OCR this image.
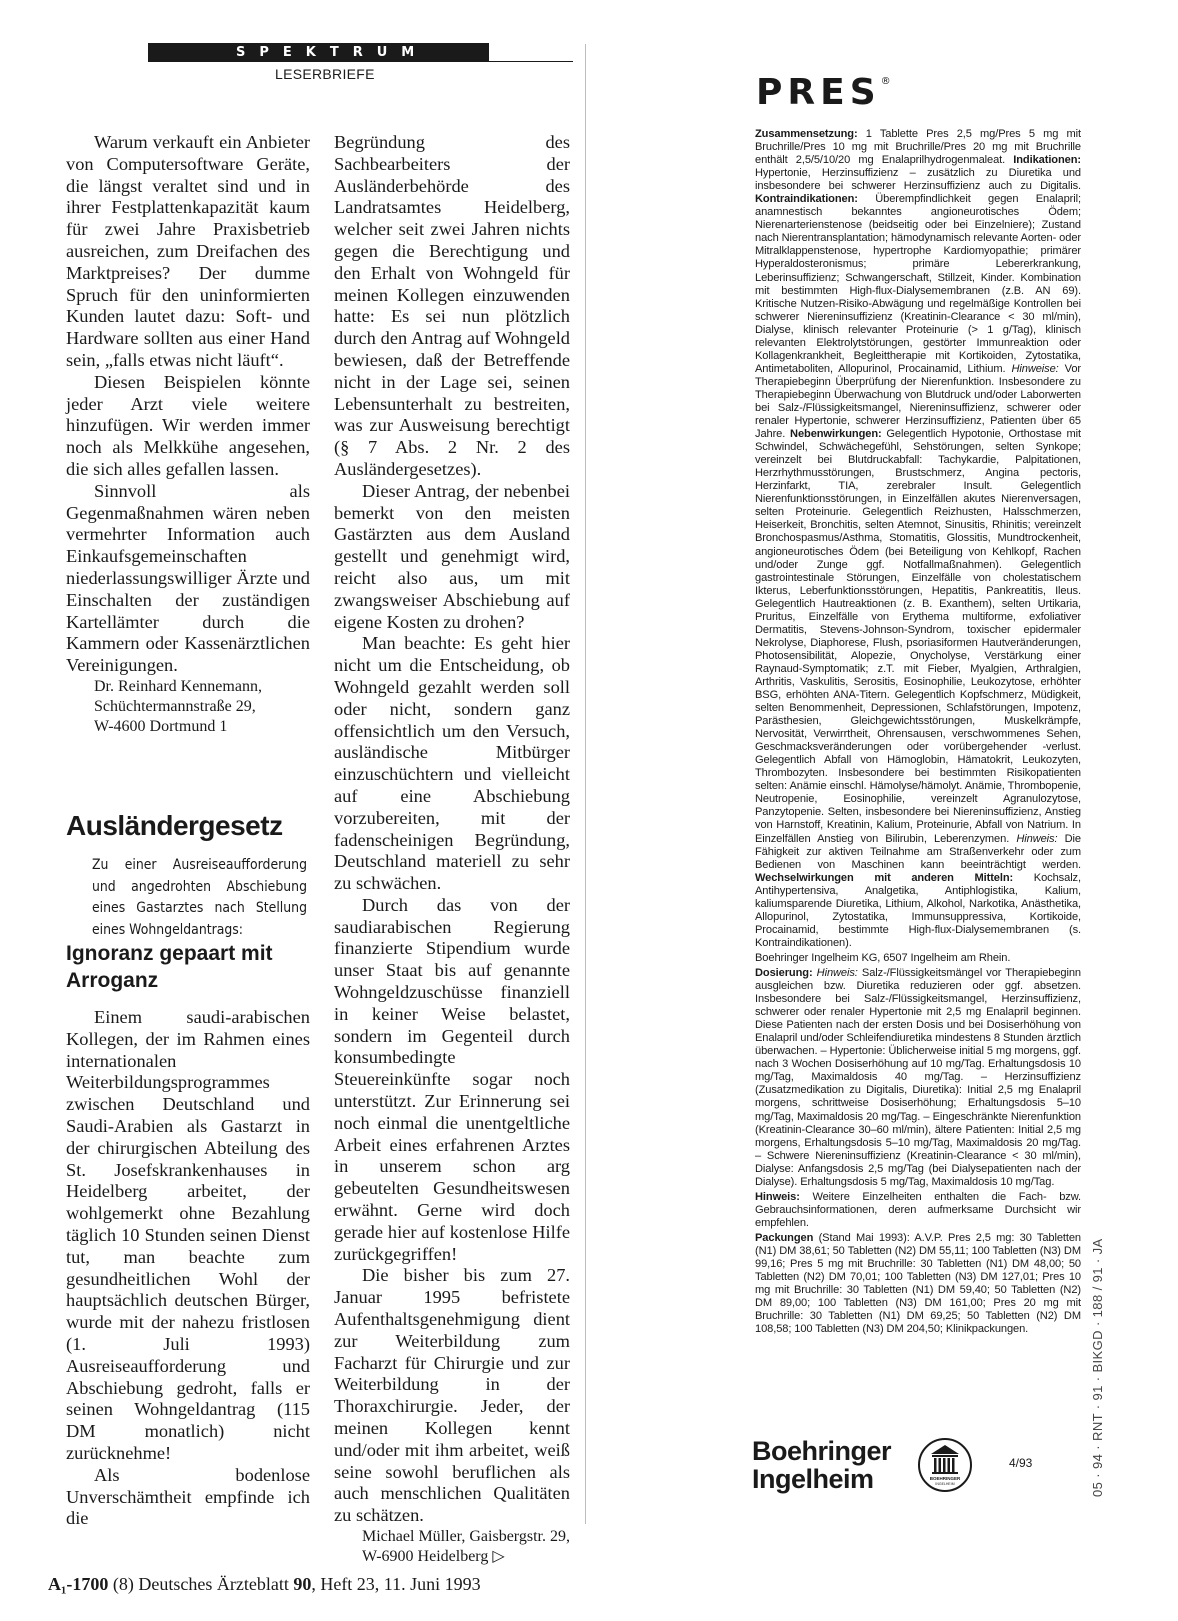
SPEKTRUM
LESERBRIEFE

Warum verkauft ein Anbieter von Computersoftware Geräte, die längst veraltet sind und in ihrer Festplattenkapazität kaum für zwei Jahre Praxisbetrieb ausreichen, zum Dreifachen des Marktpreises? Der dumme Spruch für den uninformierten Kunden lautet dazu: Soft- und Hardware sollten aus einer Hand sein, „falls etwas nicht läuft“.

Diesen Beispielen könnte jeder Arzt viele weitere hinzufügen. Wir werden immer noch als Melkkühe angesehen, die sich alles gefallen lassen.

Sinnvoll als Gegenmaßnahmen wären neben vermehrter Information auch Einkaufsgemeinschaften niederlassungswilliger Ärzte und Einschalten der zuständigen Kartellämter durch die Kammern oder Kassenärztlichen Vereinigungen.

Dr. Reinhard Kennemann,

Schüchtermannstraße 29,

W-4600 Dortmund 1

Ausländergesetz
Zu einer Ausreiseaufforderung und angedrohten Abschiebung eines Gastarztes nach Stellung eines Wohngeldantrags:
Ignoranz gepaart mit Arroganz

Einem saudi-arabischen Kollegen, der im Rahmen eines internationalen Weiterbildungsprogrammes zwischen Deutschland und Saudi-Arabien als Gastarzt in der chirurgischen Abteilung des St. Josefskrankenhauses in Heidelberg arbeitet, der wohlgemerkt ohne Bezahlung täglich 10 Stunden seinen Dienst tut, man beachte zum gesundheitlichen Wohl der hauptsächlich deutschen Bürger, wurde mit der nahezu fristlosen (1. Juli 1993) Ausreiseaufforderung und Abschiebung gedroht, falls er seinen Wohngeldantrag (115 DM monatlich) nicht zurücknehme!

Als bodenlose Unverschämtheit empfinde ich die

Begründung des Sachbearbeiters der Ausländerbehörde des Landratsamtes Heidelberg, welcher seit zwei Jahren nichts gegen die Berechtigung und den Erhalt von Wohngeld für meinen Kollegen einzuwenden hatte: Es sei nun plötzlich durch den Antrag auf Wohngeld bewiesen, daß der Betreffende nicht in der Lage sei, seinen Lebensunterhalt zu bestreiten, was zur Ausweisung berechtigt (§ 7 Abs. 2 Nr. 2 des Ausländergesetzes).

Dieser Antrag, der nebenbei bemerkt von den meisten Gastärzten aus dem Ausland gestellt und genehmigt wird, reicht also aus, um mit zwangsweiser Abschiebung auf eigene Kosten zu drohen?

Man beachte: Es geht hier nicht um die Entscheidung, ob Wohngeld gezahlt werden soll oder nicht, sondern ganz offensichtlich um den Versuch, ausländische Mitbürger einzuschüchtern und vielleicht auf eine Abschiebung vorzubereiten, mit der fadenscheinigen Begründung, Deutschland materiell zu sehr zu schwächen.

Durch das von der saudiarabischen Regierung finanzierte Stipendium wurde unser Staat bis auf genannte Wohngeldzuschüsse finanziell in keiner Weise belastet, sondern im Gegenteil durch konsumbedingte Steuereinkünfte sogar noch unterstützt. Zur Erinnerung sei noch einmal die unentgeltliche Arbeit eines erfahrenen Arztes in unserem schon arg gebeutelten Gesundheitswesen erwähnt. Gerne wird doch gerade hier auf kostenlose Hilfe zurückgegriffen!

Die bisher bis zum 27. Januar 1995 befristete Aufenthaltsgenehmigung dient zur Weiterbildung zum Facharzt für Chirurgie und zur Weiterbildung in der Thoraxchirurgie. Jeder, der meinen Kollegen kennt und/oder mit ihm arbeitet, weiß seine sowohl beruflichen als auch menschlichen Qualitäten zu schätzen.

Michael Müller, Gaisbergstr. 29, W-6900 Heidelberg ▷

A₁-1700 (8) Deutsches Ärzteblatt 90, Heft 23, 11. Juni 1993
PRES®

Zusammensetzung: 1 Tablette Pres 2,5 mg/Pres 5 mg mit Bruchrille/Pres 10 mg mit Bruchrille/Pres 20 mg mit Bruchrille enthält 2,5/5/10/20 mg Enalaprilhydrogenmaleat. Indikationen: Hypertonie, Herzinsuffizienz – zusätzlich zu Diuretika und insbesondere bei schwerer Herzinsuffizienz auch zu Digitalis. Kontraindikationen: Überempfindlichkeit gegen Enalapril; anamnestisch bekanntes angioneurotisches Ödem; Nierenarterienstenose (beidseitig oder bei Einzelniere); Zustand nach Nierentransplantation; hämodynamisch relevante Aorten- oder Mitralklappenstenose, hypertrophe Kardiomyopathie; primärer Hyperaldosteronismus; primäre Lebererkrankung, Leberinsuffizienz; Schwangerschaft, Stillzeit, Kinder. Kombination mit bestimmten High-flux-Dialysemembranen (z.B. AN 69). Kritische Nutzen-Risiko-Abwägung und regelmäßige Kontrollen bei schwerer Niereninsuffizienz (Kreatinin-Clearance < 30 ml/min), Dialyse, klinisch relevanter Proteinurie (> 1 g/Tag), klinisch relevanten Elektrolytstörungen, gestörter Immunreaktion oder Kollagenkrankheit, Begleittherapie mit Kortikoiden, Zytostatika, Antimetaboliten, Allopurinol, Procainamid, Lithium. Hinweise: Vor Therapiebeginn Überprüfung der Nierenfunktion. Insbesondere zu Therapiebeginn Überwachung von Blutdruck und/oder Laborwerten bei Salz-/Flüssigkeitsmangel, Niereninsuffizienz, schwerer oder renaler Hypertonie, schwerer Herzinsuffizienz, Patienten über 65 Jahre. Nebenwirkungen: Gelegentlich Hypotonie, Orthostase mit Schwindel, Schwächegefühl, Sehstörungen, selten Synkope; vereinzelt bei Blutdruckabfall: Tachykardie, Palpitationen, Herzrhythmusstörungen, Brustschmerz, Angina pectoris, Herzinfarkt, TIA, zerebraler Insult. Gelegentlich Nierenfunktionsstörungen, in Einzelfällen akutes Nierenversagen, selten Proteinurie. Gelegentlich Reizhusten, Halsschmerzen, Heiserkeit, Bronchitis, selten Atemnot, Sinusitis, Rhinitis; vereinzelt Bronchospasmus/Asthma, Stomatitis, Glossitis, Mundtrockenheit, angioneurotisches Ödem (bei Beteiligung von Kehlkopf, Rachen und/oder Zunge ggf. Notfallmaßnahmen). Gelegentlich gastrointestinale Störungen, Einzelfälle von cholestatischem Ikterus, Leberfunktionsstörungen, Hepatitis, Pankreatitis, Ileus. Gelegentlich Hautreaktionen (z. B. Exanthem), selten Urtikaria, Pruritus, Einzelfälle von Erythema multiforme, exfoliativer Dermatitis, Stevens-Johnson-Syndrom, toxischer epidermaler Nekrolyse, Diaphorese, Flush, psoriasiformen Hautveränderungen, Photosensibilität, Alopezie, Onycholyse, Verstärkung einer Raynaud-Symptomatik; z.T. mit Fieber, Myalgien, Arthralgien, Arthritis, Vaskulitis, Serositis, Eosinophilie, Leukozytose, erhöhter BSG, erhöhten ANA-Titern. Gelegentlich Kopfschmerz, Müdigkeit, selten Benommenheit, Depressionen, Schlafstörungen, Impotenz, Parästhesien, Gleichgewichtsstörungen, Muskelkrämpfe, Nervosität, Verwirrtheit, Ohrensausen, verschwommenes Sehen, Geschmacksveränderungen oder vorübergehender -verlust. Gelegentlich Abfall von Hämoglobin, Hämatokrit, Leukozyten, Thrombozyten. Insbesondere bei bestimmten Risikopatienten selten: Anämie einschl. Hämolyse/hämolyt. Anämie, Thrombopenie, Neutropenie, Eosinophilie, vereinzelt Agranulozytose, Panzytopenie. Selten, insbesondere bei Niereninsuffizienz, Anstieg von Harnstoff, Kreatinin, Kalium, Proteinurie, Abfall von Natrium. In Einzelfällen Anstieg von Bilirubin, Leberenzymen. Hinweis: Die Fähigkeit zur aktiven Teilnahme am Straßenverkehr oder zum Bedienen von Maschinen kann beeinträchtigt werden. Wechselwirkungen mit anderen Mitteln: Kochsalz, Antihypertensiva, Analgetika, Antiphlogistika, Kalium, kaliumsparende Diuretika, Lithium, Alkohol, Narkotika, Anästhetika, Allopurinol, Zytostatika, Immunsuppressiva, Kortikoide, Procainamid, bestimmte High-flux-Dialysemembranen (s. Kontraindikationen).

Boehringer Ingelheim KG, 6507 Ingelheim am Rhein.

Dosierung: Hinweis: Salz-/Flüssigkeitsmängel vor Therapiebeginn ausgleichen bzw. Diuretika reduzieren oder ggf. absetzen. Insbesondere bei Salz-/Flüssigkeitsmangel, Herzinsuffizienz, schwerer oder renaler Hypertonie mit 2,5 mg Enalapril beginnen. Diese Patienten nach der ersten Dosis und bei Dosiserhöhung von Enalapril und/oder Schleifendiuretika mindestens 8 Stunden ärztlich überwachen. – Hypertonie: Üblicherweise initial 5 mg morgens, ggf. nach 3 Wochen Dosiserhöhung auf 10 mg/Tag. Erhaltungsdosis 10 mg/Tag, Maximaldosis 40 mg/Tag. – Herzinsuffizienz (Zusatzmedikation zu Digitalis, Diuretika): Initial 2,5 mg Enalapril morgens, schrittweise Dosiserhöhung; Erhaltungsdosis 5–10 mg/Tag, Maximaldosis 20 mg/Tag. – Eingeschränkte Nierenfunktion (Kreatinin-Clearance 30–60 ml/min), ältere Patienten: Initial 2,5 mg morgens, Erhaltungsdosis 5–10 mg/Tag, Maximaldosis 20 mg/Tag. – Schwere Niereninsuffizienz (Kreatinin-Clearance < 30 ml/min), Dialyse: Anfangsdosis 2,5 mg/Tag (bei Dialysepatienten nach der Dialyse). Erhaltungsdosis 5 mg/Tag, Maximaldosis 10 mg/Tag.

Hinweis: Weitere Einzelheiten enthalten die Fach- bzw. Gebrauchsinformationen, deren aufmerksame Durchsicht wir empfehlen.

Packungen (Stand Mai 1993): A.V.P. Pres 2,5 mg: 30 Tabletten (N1) DM 38,61; 50 Tabletten (N2) DM 55,11; 100 Tabletten (N3) DM 99,16; Pres 5 mg mit Bruchrille: 30 Tabletten (N1) DM 48,00; 50 Tabletten (N2) DM 70,01; 100 Tabletten (N3) DM 127,01; Pres 10 mg mit Bruchrille: 30 Tabletten (N1) DM 59,40; 50 Tabletten (N2) DM 89,00; 100 Tabletten (N3) DM 161,00; Pres 20 mg mit Bruchrille: 30 Tabletten (N1) DM 69,25; 50 Tabletten (N2) DM 108,58; 100 Tabletten (N3) DM 204,50; Klinikpackungen.

Boehringer
Ingelheim	BOEHRINGER
INGELHEIM
4/93	05 · 94 · RNT · 91 · BIKGD · 188 / 91 · JA
